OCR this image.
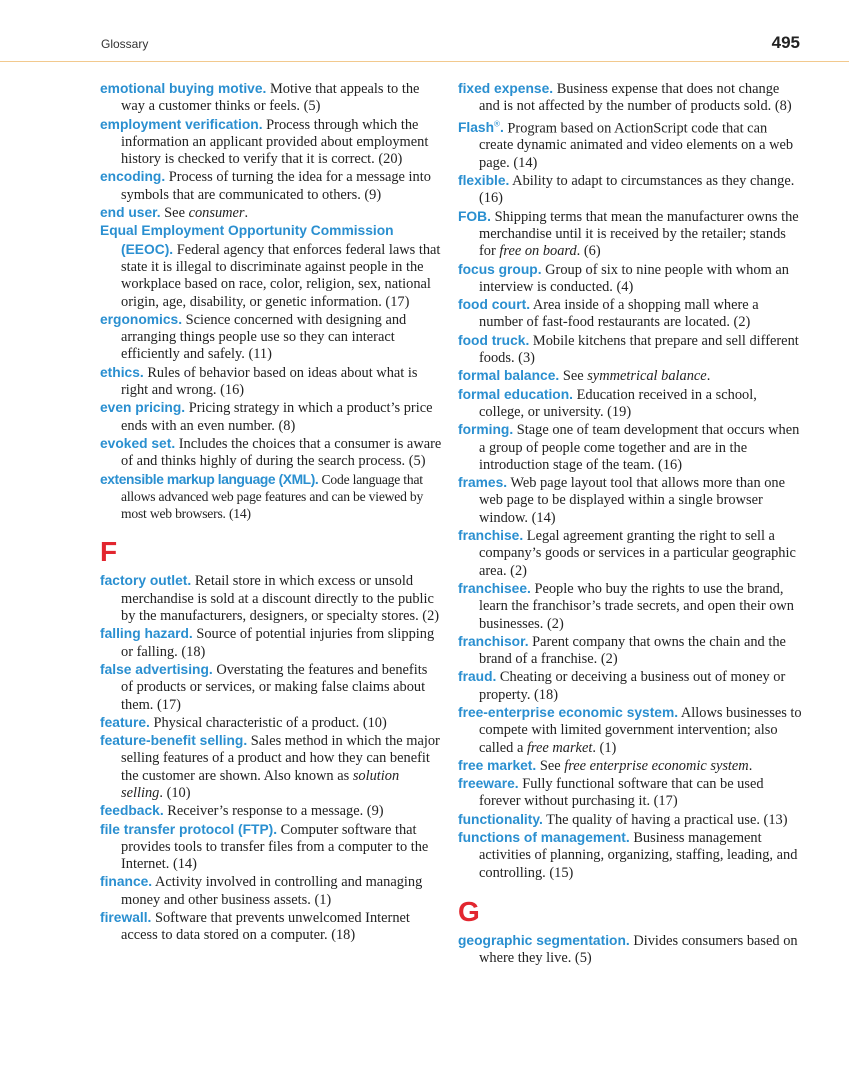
Glossary	495

emotional buying motive. Motive that appeals to the way a customer thinks or feels. (5)

employment verification. Process through which the information an applicant provided about employment history is checked to verify that it is correct. (20)

encoding. Process of turning the idea for a message into symbols that are communicated to others. (9)

end user. See consumer.

Equal Employment Opportunity Commission (EEOC). Federal agency that enforces federal laws that state it is illegal to discriminate against people in the workplace based on race, color, religion, sex, national origin, age, disability, or genetic information. (17)

ergonomics. Science concerned with designing and arranging things people use so they can interact efficiently and safely. (11)

ethics. Rules of behavior based on ideas about what is right and wrong. (16)

even pricing. Pricing strategy in which a product’s price ends with an even number. (8)

evoked set. Includes the choices that a consumer is aware of and thinks highly of during the search process. (5)

extensible markup language (XML). Code language that allows advanced web page features and can be viewed by most web browsers. (14)

F

factory outlet. Retail store in which excess or unsold merchandise is sold at a discount directly to the public by the manufacturers, designers, or specialty stores. (2)

falling hazard. Source of potential injuries from slipping or falling. (18)

false advertising. Overstating the features and benefits of products or services, or making false claims about them. (17)

feature. Physical characteristic of a product. (10)

feature-benefit selling. Sales method in which the major selling features of a product and how they can benefit the customer are shown. Also known as solution selling. (10)

feedback. Receiver’s response to a message. (9)

file transfer protocol (FTP). Computer software that provides tools to transfer files from a computer to the Internet. (14)

finance. Activity involved in controlling and managing money and other business assets. (1)

firewall. Software that prevents unwelcomed Internet access to data stored on a computer. (18)

fixed expense. Business expense that does not change and is not affected by the number of products sold. (8)

Flash®. Program based on ActionScript code that can create dynamic animated and video elements on a web page. (14)

flexible. Ability to adapt to circumstances as they change. (16)

FOB. Shipping terms that mean the manufacturer owns the merchandise until it is received by the retailer; stands for free on board. (6)

focus group. Group of six to nine people with whom an interview is conducted. (4)

food court. Area inside of a shopping mall where a number of fast-food restaurants are located. (2)

food truck. Mobile kitchens that prepare and sell different foods. (3)

formal balance. See symmetrical balance.

formal education. Education received in a school, college, or university. (19)

forming. Stage one of team development that occurs when a group of people come together and are in the introduction stage of the team. (16)

frames. Web page layout tool that allows more than one web page to be displayed within a single browser window. (14)

franchise. Legal agreement granting the right to sell a company’s goods or services in a particular geographic area. (2)

franchisee. People who buy the rights to use the brand, learn the franchisor’s trade secrets, and open their own businesses. (2)

franchisor. Parent company that owns the chain and the brand of a franchise. (2)

fraud. Cheating or deceiving a business out of money or property. (18)

free-enterprise economic system. Allows businesses to compete with limited government intervention; also called a free market. (1)

free market. See free enterprise economic system.

freeware. Fully functional software that can be used forever without purchasing it. (17)

functionality. The quality of having a practical use. (13)

functions of management. Business management activities of planning, organizing, staffing, leading, and controlling. (15)

G

geographic segmentation. Divides consumers based on where they live. (5)
